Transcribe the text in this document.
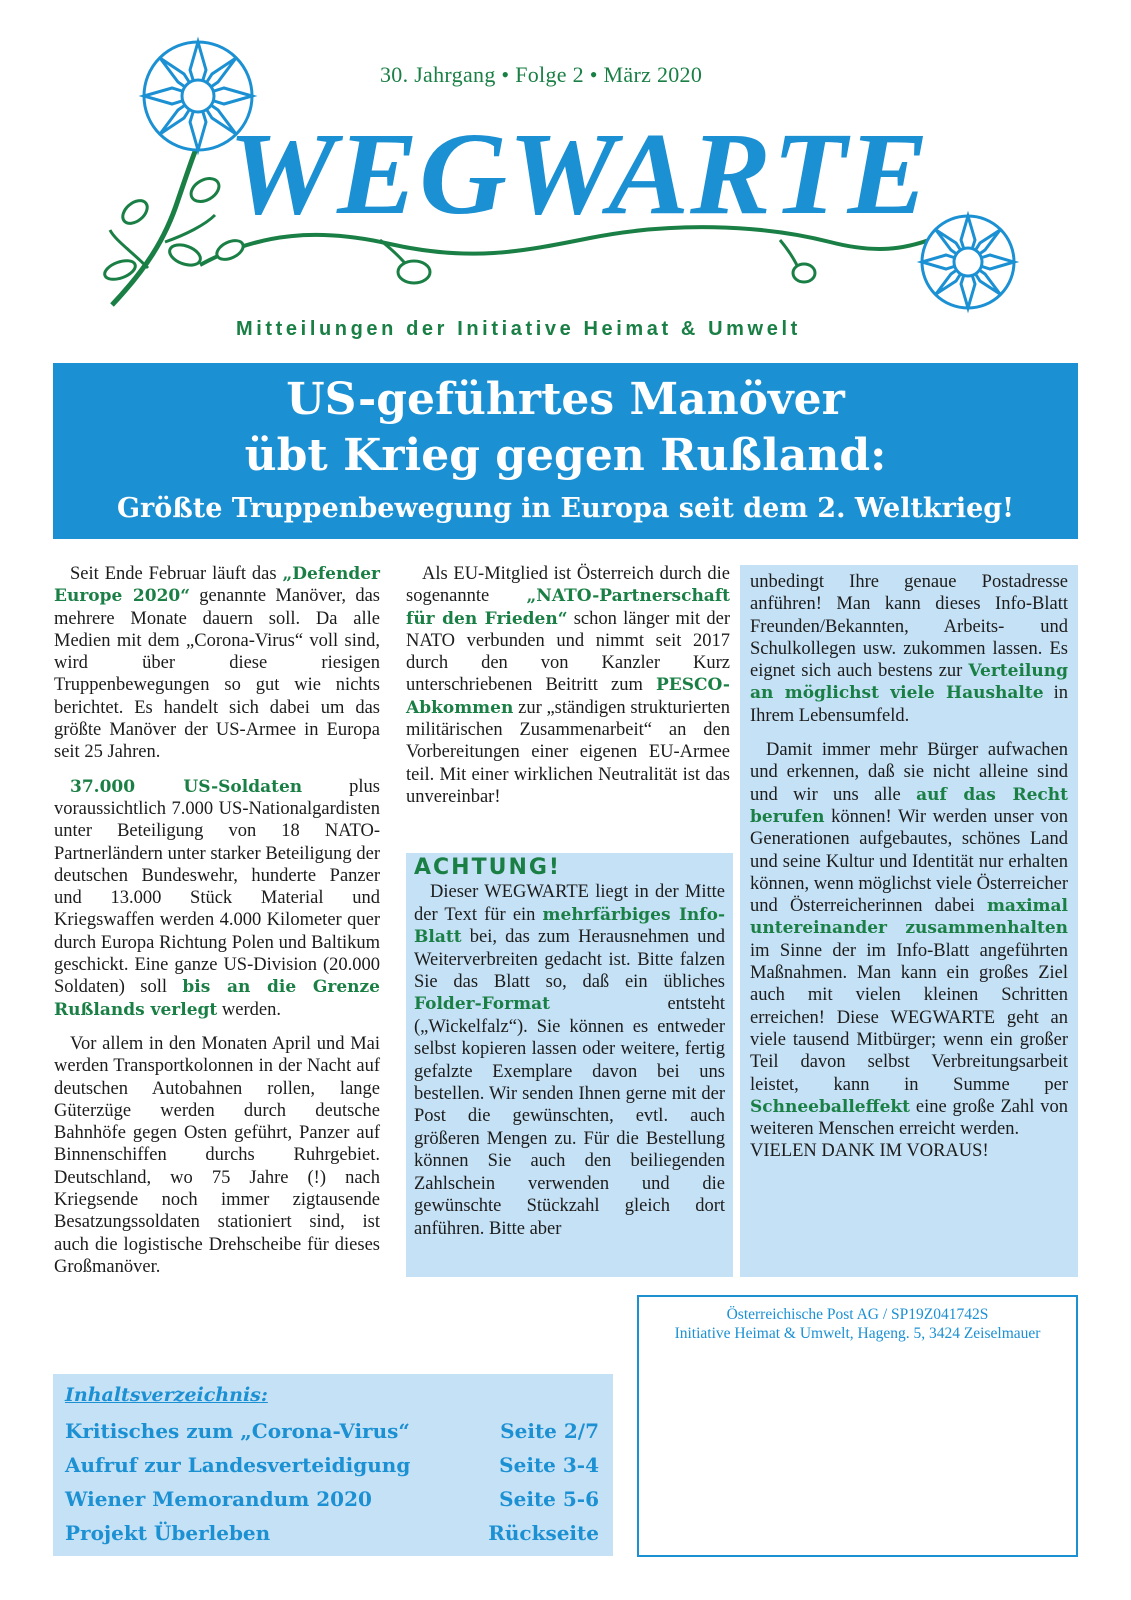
30. Jahrgang • Folge 2 • März 2020
WEGWARTE
Mitteilungen der Initiative Heimat & Umwelt
US-geführtes Manöver
übt Krieg gegen Rußland:
Größte Truppenbewegung in Europa seit dem 2. Weltkrieg!

Seit Ende Februar läuft das „Defender Europe 2020“ genannte Manöver, das mehrere Monate dauern soll. Da alle Medien mit dem „Corona-Virus“ voll sind, wird über diese riesigen Truppenbewegungen so gut wie nichts berichtet. Es handelt sich dabei um das größte Manöver der US-Armee in Europa seit 25 Jahren.

37.000 US-Soldaten plus voraussichtlich 7.000 US-Nationalgardisten unter Beteiligung von 18 NATO-Partnerländern unter starker Beteiligung der deutschen Bundeswehr, hunderte Panzer und 13.000 Stück Material und Kriegswaffen werden 4.000 Kilometer quer durch Europa Richtung Polen und Baltikum geschickt. Eine ganze US-Division (20.000 Soldaten) soll bis an die Grenze Rußlands verlegt werden.

Vor allem in den Monaten April und Mai werden Transportkolonnen in der Nacht auf deutschen Autobahnen rollen, lange Güterzüge werden durch deutsche Bahnhöfe gegen Osten geführt, Panzer auf Binnenschiffen durchs Ruhrgebiet. Deutschland, wo 75 Jahre (!) nach Kriegsende noch immer zigtausende Besatzungssoldaten stationiert sind, ist auch die logistische Drehscheibe für dieses Großmanöver.

Als EU-Mitglied ist Österreich durch die sogenannte „NATO-Partnerschaft für den Frieden“ schon länger mit der NATO verbunden und nimmt seit 2017 durch den von Kanzler Kurz unterschriebenen Beitritt zum PESCO-Abkommen zur „ständigen strukturierten militärischen Zusammenarbeit“ an den Vorbereitungen einer eigenen EU-Armee teil. Mit einer wirklichen Neutralität ist das unvereinbar!

ACHTUNG!

Dieser WEGWARTE liegt in der Mitte der Text für ein mehrfärbiges Info-Blatt bei, das zum Herausnehmen und Weiterverbreiten gedacht ist. Bitte falzen Sie das Blatt so, daß ein übliches Folder-Format entsteht („Wickelfalz“). Sie können es entweder selbst kopieren lassen oder weitere, fertig gefalzte Exemplare davon bei uns bestellen. Wir senden Ihnen gerne mit der Post die gewünschten, evtl. auch größeren Mengen zu. Für die Bestellung können Sie auch den beiliegenden Zahlschein verwenden und die gewünschte Stückzahl gleich dort anführen. Bitte aber

unbedingt Ihre genaue Postadresse anführen! Man kann dieses Info-Blatt Freunden/Bekannten, Arbeits- und Schulkollegen usw. zukommen lassen. Es eignet sich auch bestens zur Verteilung an möglichst viele Haushalte in Ihrem Lebensumfeld.

Damit immer mehr Bürger aufwachen und erkennen, daß sie nicht alleine sind und wir uns alle auf das Recht berufen können! Wir werden unser von Generationen aufgebautes, schönes Land und seine Kultur und Identität nur erhalten können, wenn möglichst viele Österreicher und Österreicherinnen dabei maximal untereinander zusammenhalten im Sinne der im Info-Blatt angeführten Maßnahmen. Man kann ein großes Ziel auch mit vielen kleinen Schritten erreichen! Diese WEGWARTE geht an viele tausend Mitbürger; wenn ein großer Teil davon selbst Verbreitungsarbeit leistet, kann in Summe per Schneeballeffekt eine große Zahl von weiteren Menschen erreicht werden.

VIELEN DANK IM VORAUS!
Österreichische Post AG / SP19Z041742S
Initiative Heimat & Umwelt, Hageng. 5, 3424 Zeiselmauer
Inhaltsverzeichnis:
Kritisches zum „Corona-Virus“	Seite 2/7
Aufruf zur Landesverteidigung	Seite 3-4
Wiener Memorandum 2020	Seite 5-6
Projekt Überleben	Rückseite
